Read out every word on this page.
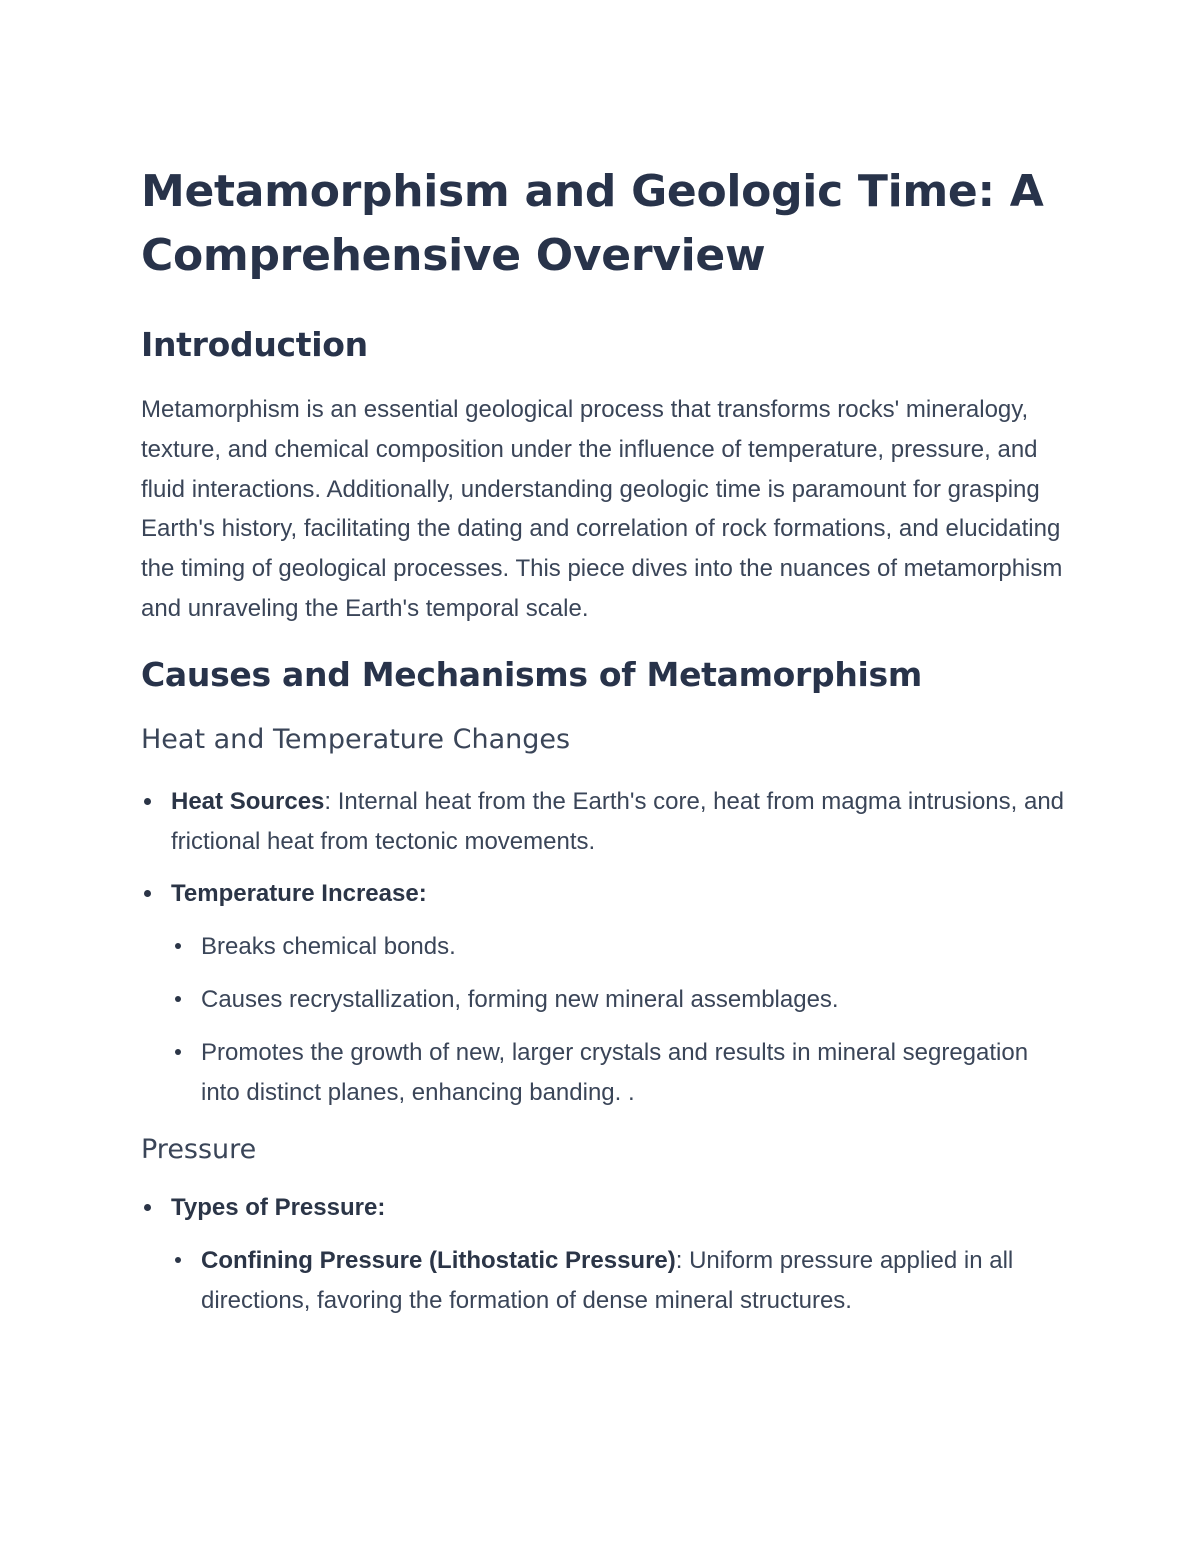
Metamorphism and Geologic Time: A Comprehensive Overview
Introduction

Metamorphism is an essential geological process that transforms rocks' mineralogy, texture, and chemical composition under the influence of temperature, pressure, and fluid interactions. Additionally, understanding geologic time is paramount for grasping Earth's history, facilitating the dating and correlation of rock formations, and elucidating the timing of geological processes. This piece dives into the nuances of metamorphism and unraveling the Earth's temporal scale.

Causes and Mechanisms of Metamorphism
Heat and Temperature Changes
Heat Sources: Internal heat from the Earth's core, heat from magma intrusions, and frictional heat from tectonic movements.
Temperature Increase:
Breaks chemical bonds.
Causes recrystallization, forming new mineral assemblages.
Promotes the growth of new, larger crystals and results in mineral segregation into distinct planes, enhancing banding. .
Pressure
Types of Pressure:
Confining Pressure (Lithostatic Pressure): Uniform pressure applied in all directions, favoring the formation of dense mineral structures.
